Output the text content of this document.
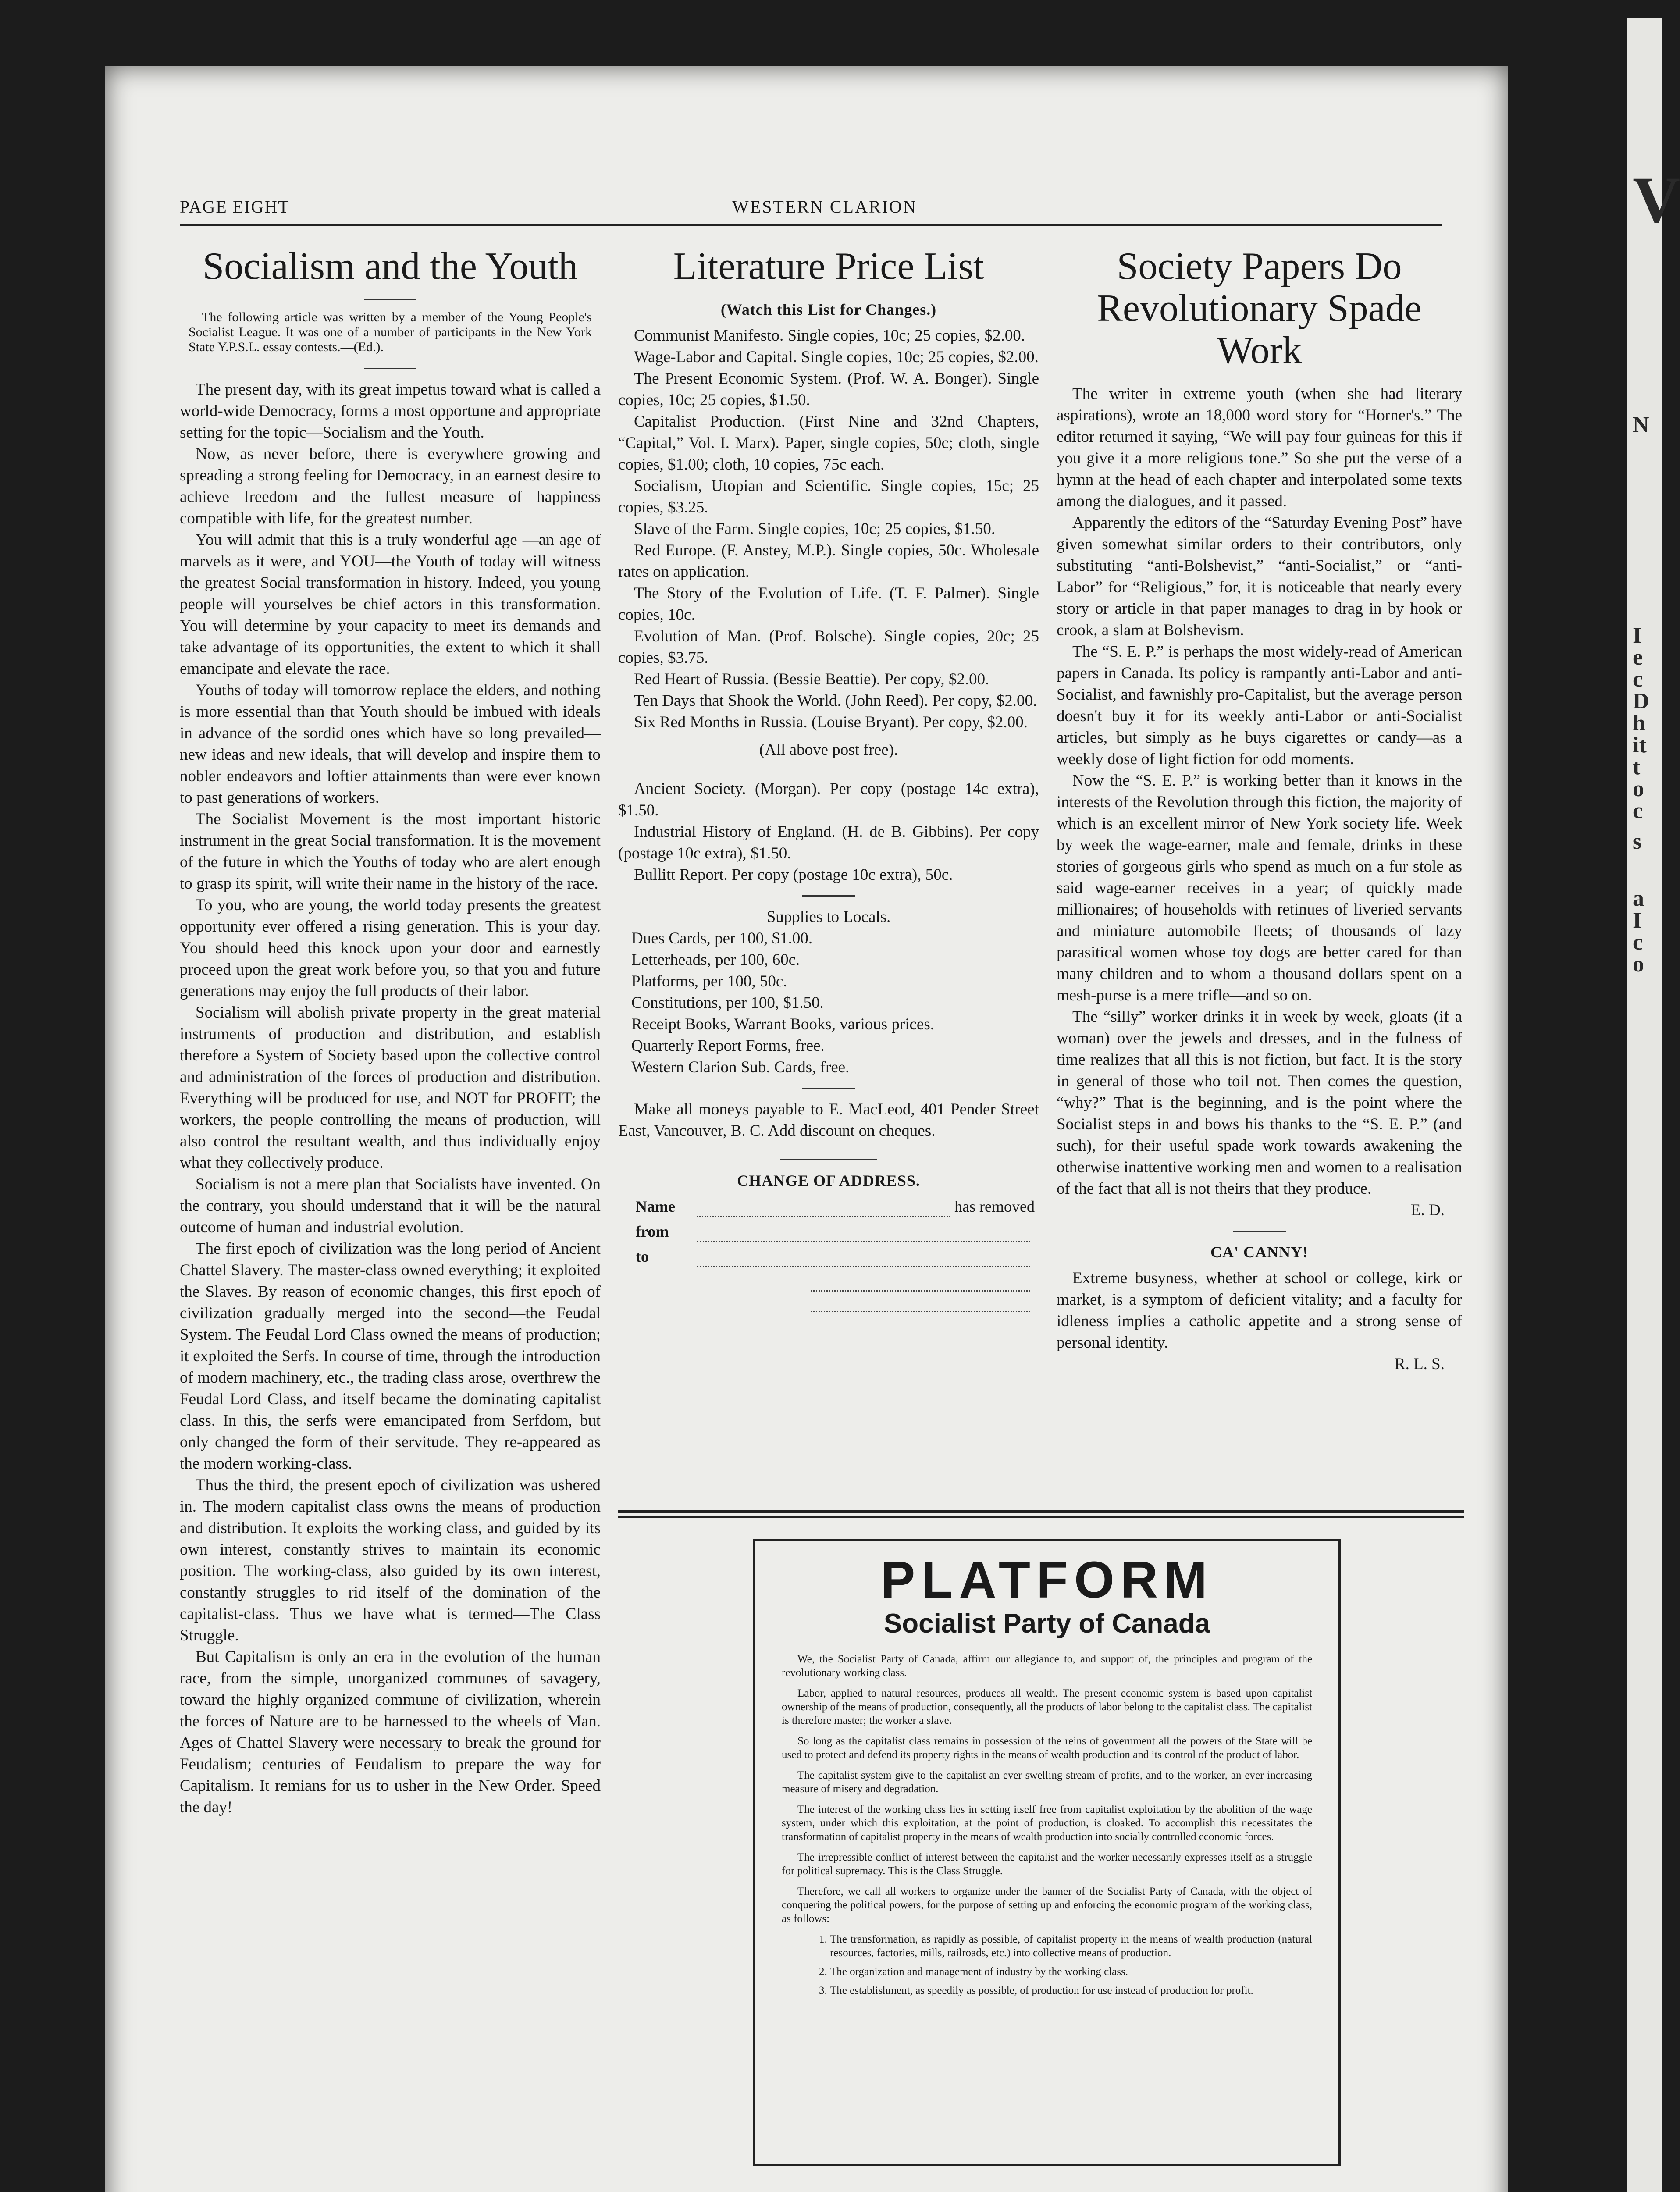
V
N
I
e
c
D
h
it
t
o
c
s
a
I
c
o
PAGE EIGHT	WESTERN CLARION
Socialism and the Youth
The following article was written by a member of the Young People's Socialist League. It was one of a number of participants in the New York State Y.P.S.L. essay contests.—(Ed.).

The present day, with its great impetus toward what is called a world-wide Democracy, forms a most opportune and appropriate setting for the topic—Socialism and the Youth.

Now, as never before, there is everywhere growing and spreading a strong feeling for Democracy, in an earnest desire to achieve freedom and the fullest measure of happiness compatible with life, for the greatest number.

You will admit that this is a truly wonderful age —an age of marvels as it were, and YOU—the Youth of today will witness the greatest Social transformation in history. Indeed, you young people will yourselves be chief actors in this transformation. You will determine by your capacity to meet its demands and take advantage of its opportunities, the extent to which it shall emancipate and elevate the race.

Youths of today will tomorrow replace the elders, and nothing is more essential than that Youth should be imbued with ideals in advance of the sordid ones which have so long prevailed—new ideas and new ideals, that will develop and inspire them to nobler endeavors and loftier attainments than were ever known to past generations of workers.

The Socialist Movement is the most important historic instrument in the great Social transformation. It is the movement of the future in which the Youths of today who are alert enough to grasp its spirit, will write their name in the history of the race.

To you, who are young, the world today presents the greatest opportunity ever offered a rising generation. This is your day. You should heed this knock upon your door and earnestly proceed upon the great work before you, so that you and future generations may enjoy the full products of their labor.

Socialism will abolish private property in the great material instruments of production and distribution, and establish therefore a System of Society based upon the collective control and administration of the forces of production and distribution. Everything will be produced for use, and NOT for PROFIT; the workers, the people controlling the means of production, will also control the resultant wealth, and thus individually enjoy what they collectively produce.

Socialism is not a mere plan that Socialists have invented. On the contrary, you should understand that it will be the natural outcome of human and industrial evolution.

The first epoch of civilization was the long period of Ancient Chattel Slavery. The master-class owned everything; it exploited the Slaves. By reason of economic changes, this first epoch of civilization gradually merged into the second—the Feudal System. The Feudal Lord Class owned the means of production; it exploited the Serfs. In course of time, through the introduction of modern machinery, etc., the trading class arose, overthrew the Feudal Lord Class, and itself became the dominating capitalist class. In this, the serfs were emancipated from Serfdom, but only changed the form of their servitude. They re-appeared as the modern working-class.

Thus the third, the present epoch of civilization was ushered in. The modern capitalist class owns the means of production and distribution. It exploits the working class, and guided by its own interest, constantly strives to maintain its economic position. The working-class, also guided by its own interest, constantly struggles to rid itself of the domination of the capitalist-class. Thus we have what is termed—The Class Struggle.

But Capitalism is only an era in the evolution of the human race, from the simple, unorganized communes of savagery, toward the highly organized commune of civilization, wherein the forces of Nature are to be harnessed to the wheels of Man. Ages of Chattel Slavery were necessary to break the ground for Feudalism; centuries of Feudalism to prepare the way for Capitalism. It remians for us to usher in the New Order. Speed the day!

Literature Price List
(Watch this List for Changes.)

Communist Manifesto. Single copies, 10c; 25 copies, $2.00.

Wage-Labor and Capital. Single copies, 10c; 25 copies, $2.00.

The Present Economic System. (Prof. W. A. Bonger). Single copies, 10c; 25 copies, $1.50.

Capitalist Production. (First Nine and 32nd Chapters, “Capital,” Vol. I. Marx). Paper, single copies, 50c; cloth, single copies, $1.00; cloth, 10 copies, 75c each.

Socialism, Utopian and Scientific. Single copies, 15c; 25 copies, $3.25.

Slave of the Farm. Single copies, 10c; 25 copies, $1.50.

Red Europe. (F. Anstey, M.P.). Single copies, 50c. Wholesale rates on application.

The Story of the Evolution of Life. (T. F. Palmer). Single copies, 10c.

Evolution of Man. (Prof. Bolsche). Single copies, 20c; 25 copies, $3.75.

Red Heart of Russia. (Bessie Beattie). Per copy, $2.00.

Ten Days that Shook the World. (John Reed). Per copy, $2.00.

Six Red Months in Russia. (Louise Bryant). Per copy, $2.00.

(All above post free).

Ancient Society. (Morgan). Per copy (postage 14c extra), $1.50.

Industrial History of England. (H. de B. Gibbins). Per copy (postage 10c extra), $1.50.

Bullitt Report. Per copy (postage 10c extra), 50c.

Supplies to Locals.

Dues Cards, per 100, $1.00.

Letterheads, per 100, 60c.

Platforms, per 100, 50c.

Constitutions, per 100, $1.50.

Receipt Books, Warrant Books, various prices.

Quarterly Report Forms, free.

Western Clarion Sub. Cards, free.

Make all moneys payable to E. MacLeod, 401 Pender Street East, Vancouver, B. C. Add discount on cheques.

CHANGE OF ADDRESS.
Name	has removed
from
to
Society Papers Do Revolutionary Spade Work

The writer in extreme youth (when she had literary aspirations), wrote an 18,000 word story for “Horner's.” The editor returned it saying, “We will pay four guineas for this if you give it a more religious tone.” So she put the verse of a hymn at the head of each chapter and interpolated some texts among the dialogues, and it passed.

Apparently the editors of the “Saturday Evening Post” have given somewhat similar orders to their contributors, only substituting “anti-Bolshevist,” “anti-Socialist,” or “anti-Labor” for “Religious,” for, it is noticeable that nearly every story or article in that paper manages to drag in by hook or crook, a slam at Bolshevism.

The “S. E. P.” is perhaps the most widely-read of American papers in Canada. Its policy is rampantly anti-Labor and anti-Socialist, and fawnishly pro-Capitalist, but the average person doesn't buy it for its weekly anti-Labor or anti-Socialist articles, but simply as he buys cigarettes or candy—as a weekly dose of light fiction for odd moments.

Now the “S. E. P.” is working better than it knows in the interests of the Revolution through this fiction, the majority of which is an excellent mirror of New York society life. Week by week the wage-earner, male and female, drinks in these stories of gorgeous girls who spend as much on a fur stole as said wage-earner receives in a year; of quickly made millionaires; of households with retinues of liveried servants and miniature automobile fleets; of thousands of lazy parasitical women whose toy dogs are better cared for than many children and to whom a thousand dollars spent on a mesh-purse is a mere trifle—and so on.

The “silly” worker drinks it in week by week, gloats (if a woman) over the jewels and dresses, and in the fulness of time realizes that all this is not fiction, but fact. It is the story in general of those who toil not. Then comes the question, “why?” That is the beginning, and is the point where the Socialist steps in and bows his thanks to the “S. E. P.” (and such), for their useful spade work towards awakening the otherwise inattentive working men and women to a realisation of the fact that all is not theirs that they produce.

E. D.

CA' CANNY!

Extreme busyness, whether at school or college, kirk or market, is a symptom of deficient vitality; and a faculty for idleness implies a catholic appetite and a strong sense of personal identity.

R. L. S.

PLATFORM
Socialist Party of Canada

We, the Socialist Party of Canada, affirm our allegiance to, and support of, the principles and program of the revolutionary working class.

Labor, applied to natural resources, produces all wealth. The present economic system is based upon capitalist ownership of the means of production, consequently, all the products of labor belong to the capitalist class. The capitalist is therefore master; the worker a slave.

So long as the capitalist class remains in possession of the reins of government all the powers of the State will be used to protect and defend its property rights in the means of wealth production and its control of the product of labor.

The capitalist system give to the capitalist an ever-swelling stream of profits, and to the worker, an ever-increasing measure of misery and degradation.

The interest of the working class lies in setting itself free from capitalist exploitation by the abolition of the wage system, under which this exploitation, at the point of production, is cloaked. To accomplish this necessitates the transformation of capitalist property in the means of wealth production into socially controlled economic forces.

The irrepressible conflict of interest between the capitalist and the worker necessarily expresses itself as a struggle for political supremacy. This is the Class Struggle.

Therefore, we call all workers to organize under the banner of the Socialist Party of Canada, with the object of conquering the political powers, for the purpose of setting up and enforcing the economic program of the working class, as follows:

1. The transformation, as rapidly as possible, of capitalist property in the means of wealth production (natural resources, factories, mills, railroads, etc.) into collective means of production.
2. The organization and management of industry by the working class.
3. The establishment, as speedily as possible, of production for use instead of production for profit.
